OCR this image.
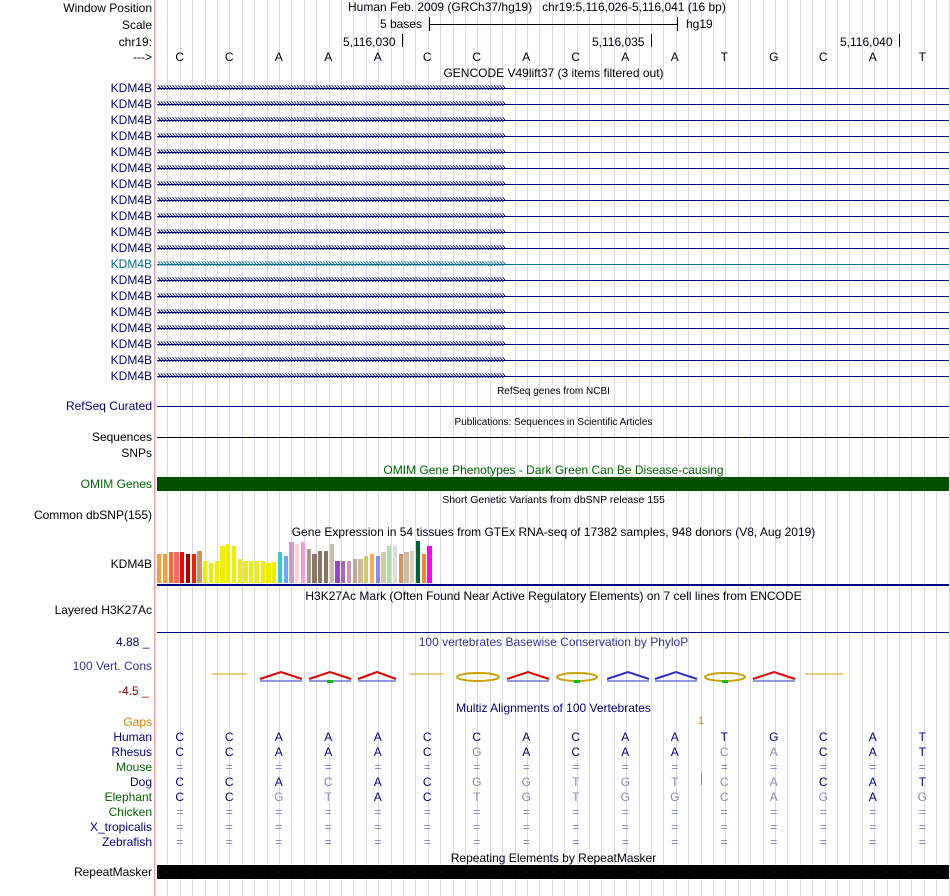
Window Position
Scale
chr19:
--->
Human Feb. 2009 (GRCh37/hg19) chr19:5,116,026-5,116,041 (16 bp)
5 bases	hg19
5,116,030	5,116,035	5,116,040
C	C	A	A	A	C	C	A	C	A	A	T	G	C	A	T
GENCODE V49lift37 (3 items filtered out)
KDM4B ››››››››››››››››››››››››››››››››››››››››››››››››››››››››››››››››››››››››››››››››››››››››››››››››››››››››››››››››››››››››
KDM4B ››››››››››››››››››››››››››››››››››››››››››››››››››››››››››››››››››››››››››››››››››››››››››››››››››››››››››››››››››››››››
KDM4B ››››››››››››››››››››››››››››››››››››››››››››››››››››››››››››››››››››››››››››››››››››››››››››››››››››››››››››››››››››››››
KDM4B ››››››››››››››››››››››››››››››››››››››››››››››››››››››››››››››››››››››››››››››››››››››››››››››››››››››››››››››››››››››››
KDM4B ››››››››››››››››››››››››››››››››››››››››››››››››››››››››››››››››››››››››››››››››››››››››››››››››››››››››››››››››››››››››
KDM4B ››››››››››››››››››››››››››››››››››››››››››››››››››››››››››››››››››››››››››››››››››››››››››››››››››››››››››››››››››››››››
KDM4B ››››››››››››››››››››››››››››››››››››››››››››››››››››››››››››››››››››››››››››››››››››››››››››››››››››››››››››››››››››››››
KDM4B ››››››››››››››››››››››››››››››››››››››››››››››››››››››››››››››››››››››››››››››››››››››››››››››››››››››››››››››››››››››››
KDM4B ››››››››››››››››››››››››››››››››››››››››››››››››››››››››››››››››››››››››››››››››››››››››››››››››››››››››››››››››››››››››
KDM4B ››››››››››››››››››››››››››››››››››››››››››››››››››››››››››››››››››››››››››››››››››››››››››››››››››››››››››››››››››››››››
KDM4B ››››››››››››››››››››››››››››››››››››››››››››››››››››››››››››››››››››››››››››››››››››››››››››››››››››››››››››››››››››››››
KDM4B ››››››››››››››››››››››››››››››››››››››››››››››››››››››››››››››››››››››››››››››››››››››››››››››››››››››››››››››››››››››››
KDM4B ››››››››››››››››››››››››››››››››››››››››››››››››››››››››››››››››››››››››››››››››››››››››››››››››››››››››››››››››››››››››
KDM4B ››››››››››››››››››››››››››››››››››››››››››››››››››››››››››››››››››››››››››››››››››››››››››››››››››››››››››››››››››››››››
KDM4B ››››››››››››››››››››››››››››››››››››››››››››››››››››››››››››››››››››››››››››››››››››››››››››››››››››››››››››››››››››››››
KDM4B ››››››››››››››››››››››››››››››››››››››››››››››››››››››››››››››››››››››››››››››››››››››››››››››››››››››››››››››››››››››››
KDM4B ››››››››››››››››››››››››››››››››››››››››››››››››››››››››››››››››››››››››››››››››››››››››››››››››››››››››››››››››››››››››
KDM4B ››››››››››››››››››››››››››››››››››››››››››››››››››››››››››››››››››››››››››››››››››››››››››››››››››››››››››››››››››››››››
KDM4B ››››››››››››››››››››››››››››››››››››››››››››››››››››››››››››››››››››››››››››››››››››››››››››››››››››››››››››››››››››››››
RefSeq genes from NCBI
RefSeq Curated
Publications: Sequences in Scientific Articles
Sequences
SNPs
OMIM Gene Phenotypes - Dark Green Can Be Disease-causing
OMIM Genes
Short Genetic Variants from dbSNP release 155
Common dbSNP(155)
Gene Expression in 54 tissues from GTEx RNA-seq of 17382 samples, 948 donors (V8, Aug 2019)
KDM4B
H3K27Ac Mark (Often Found Near Active Regulatory Elements) on 7 cell lines from ENCODE
Layered H3K27Ac
100 vertebrates Basewise Conservation by PhyloP
4.88 _
100 Vert. Cons
-4.5 _
Multiz Alignments of 100 Vertebrates
Gaps	1
Human	C	C	A	A	A	C	C	A	C	A	A	T	G	C	A	T
Rhesus	C	C	A	A	A	C	G	A	C	A	A	C	A	C	A	T
Mouse	=	=	=	=	=	=	=	=	=	=	=	=	=	=	=	=
Dog	C	C	A	C	A	C	G	G	T	G	T	C	A	C	A	T
Elephant	C	C	G	T	A	C	T	G	T	G	G	C	A	G	A	G
Chicken	=	=	=	=	=	=	=	=	=	=	=	=	=	=	=	=
X_tropicalis	=	=	=	=	=	=	=	=	=	=	=	=	=	=	=	=
Zebrafish	=	=	=	=	=	=	=	=	=	=	=	=	=	=	=	=
Repeating Elements by RepeatMasker
RepeatMasker
